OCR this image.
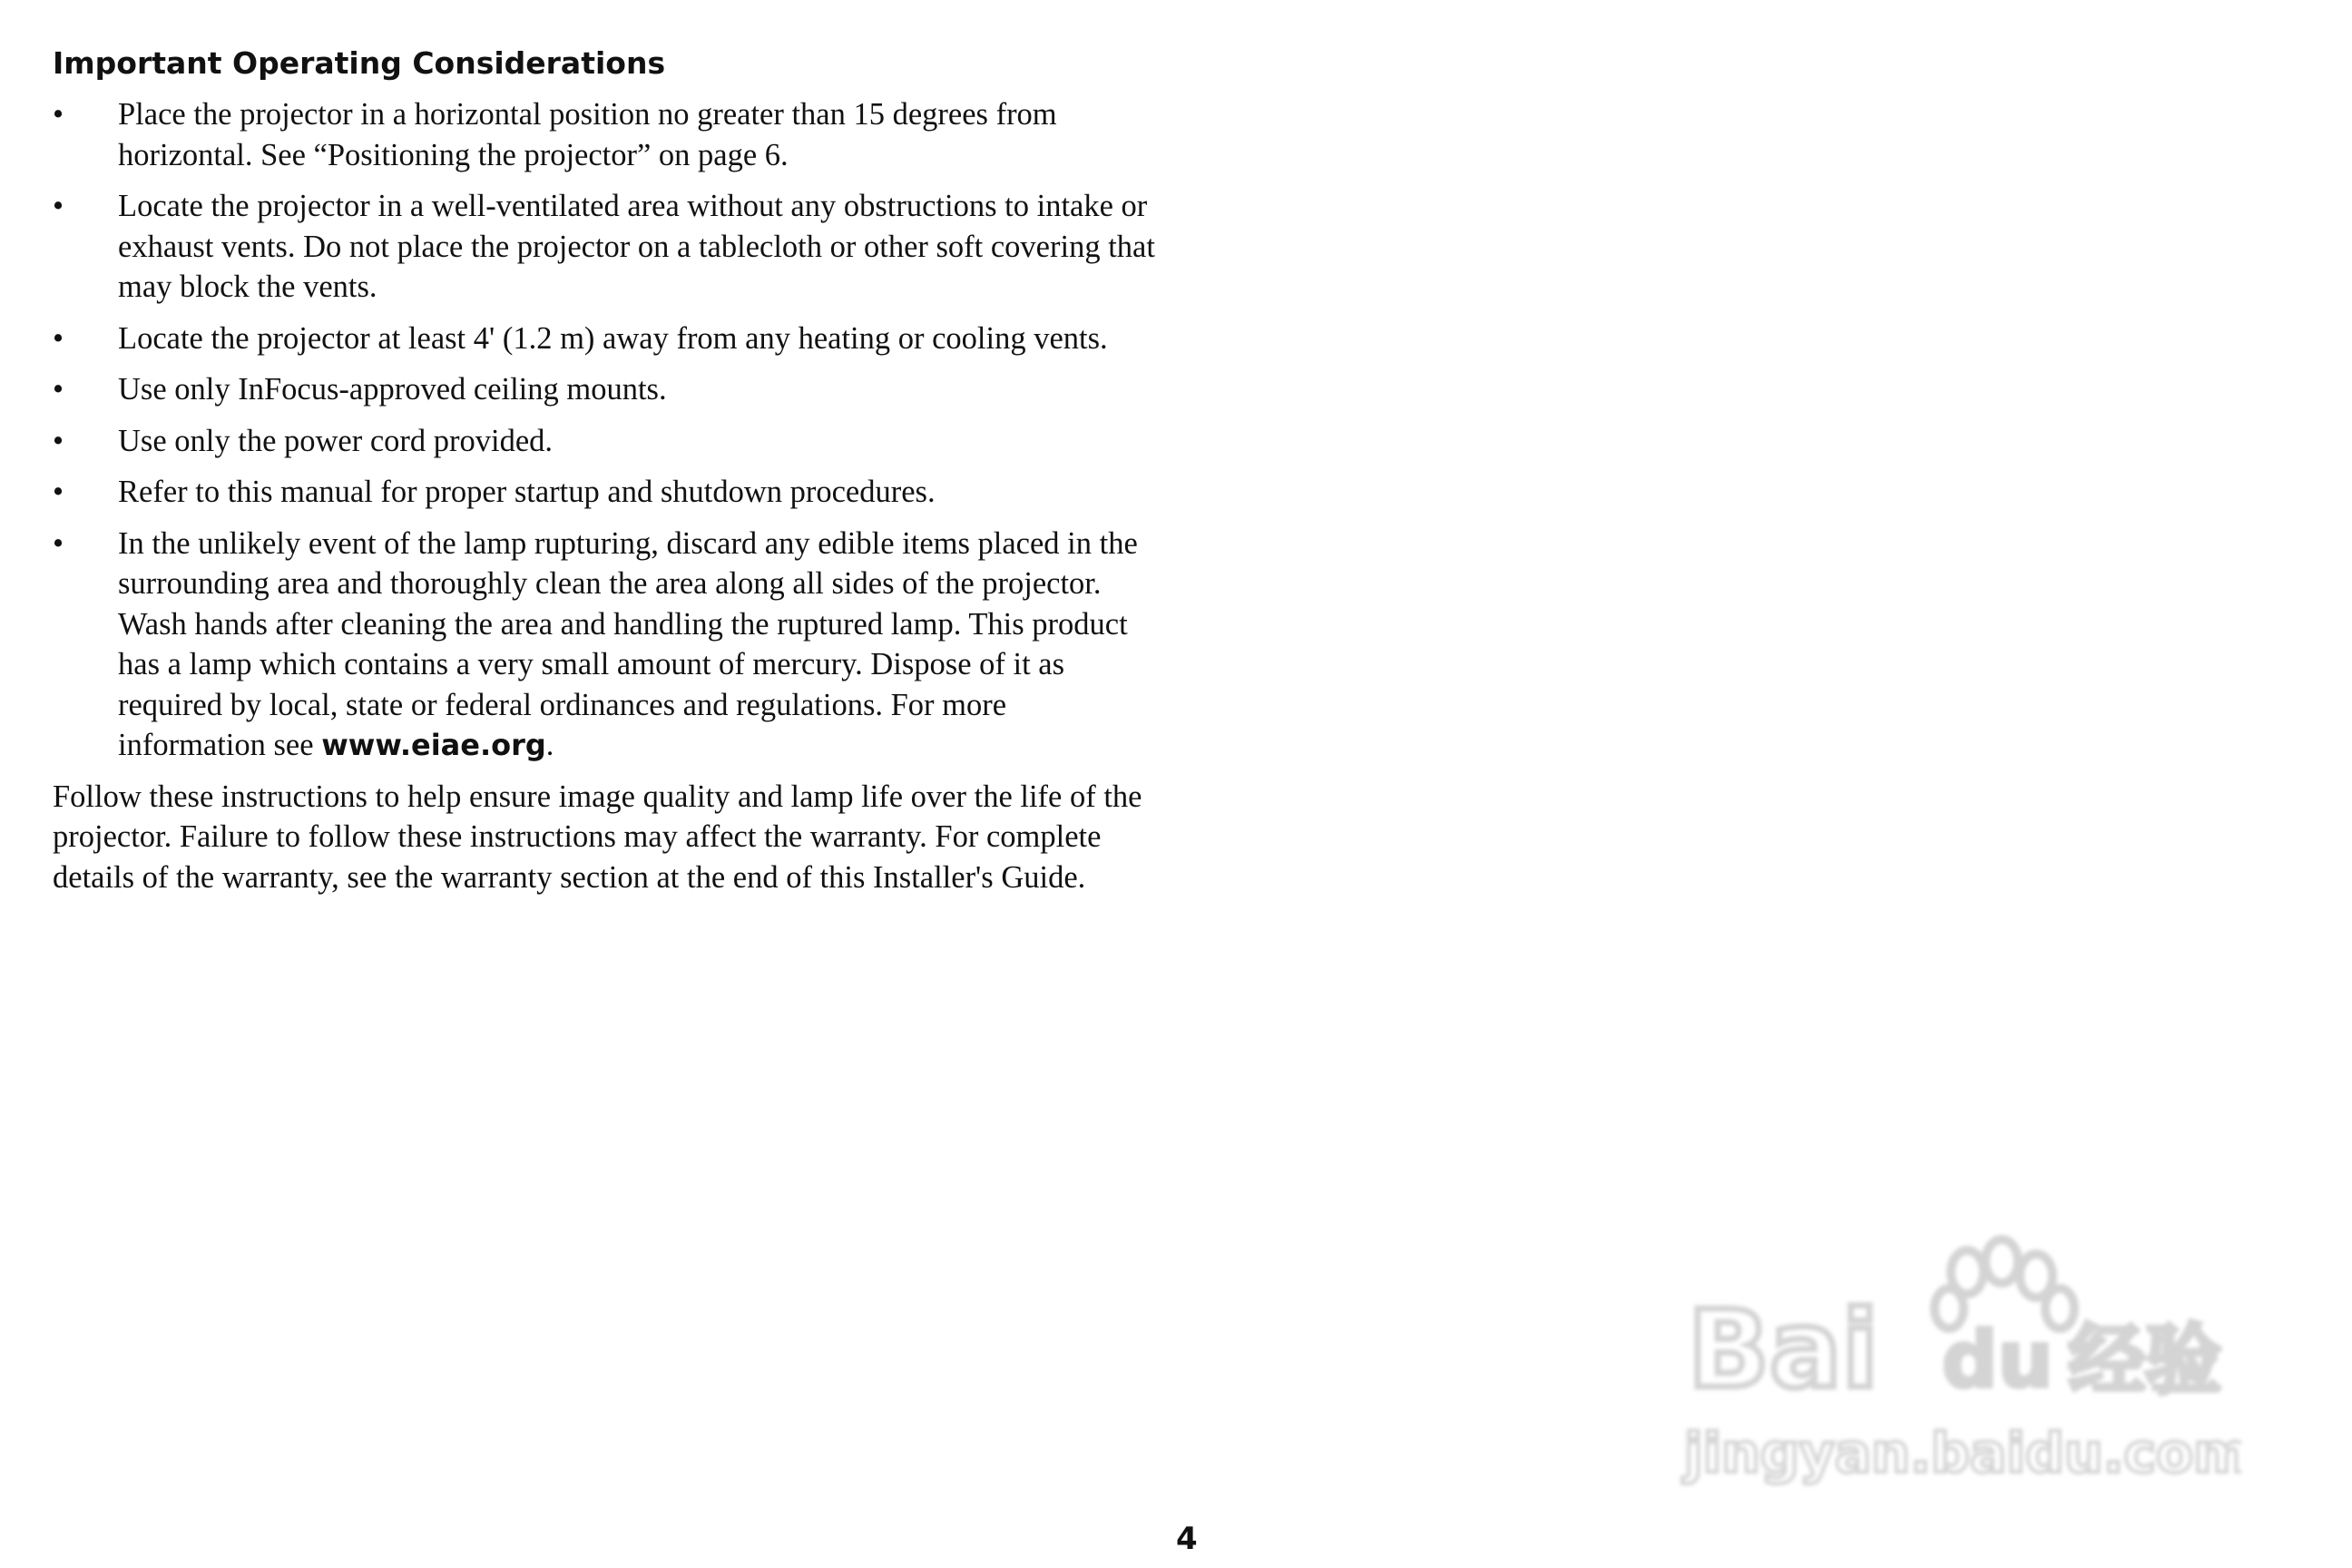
Important Operating Considerations
•	Place the projector in a horizontal position no greater than 15 degrees from horizontal. See “Positioning the projector” on page 6.
•	Locate the projector in a well-ventilated area without any obstructions to intake or exhaust vents. Do not place the projector on a tablecloth or other soft covering that may block the vents.
•	Locate the projector at least 4' (1.2 m) away from any heating or cooling vents.
•	Use only InFocus-approved ceiling mounts.
•	Use only the power cord provided.
•	Refer to this manual for proper startup and shutdown procedures.
•	In the unlikely event of the lamp rupturing, discard any edible items placed in the surrounding area and thoroughly clean the area along all sides of the projector. Wash hands after cleaning the area and handling the ruptured lamp. This product has a lamp which contains a very small amount of mercury. Dispose of it as required by local, state or federal ordinances and regulations. For more information see www.eiae.org.

Follow these instructions to help ensure image quality and lamp life over the life of the projector. Failure to follow these instructions may affect the warranty. For complete details of the warranty, see the warranty section at the end of this Installer's Guide.

Bai du 经验
jingyan.baidu.com
4
